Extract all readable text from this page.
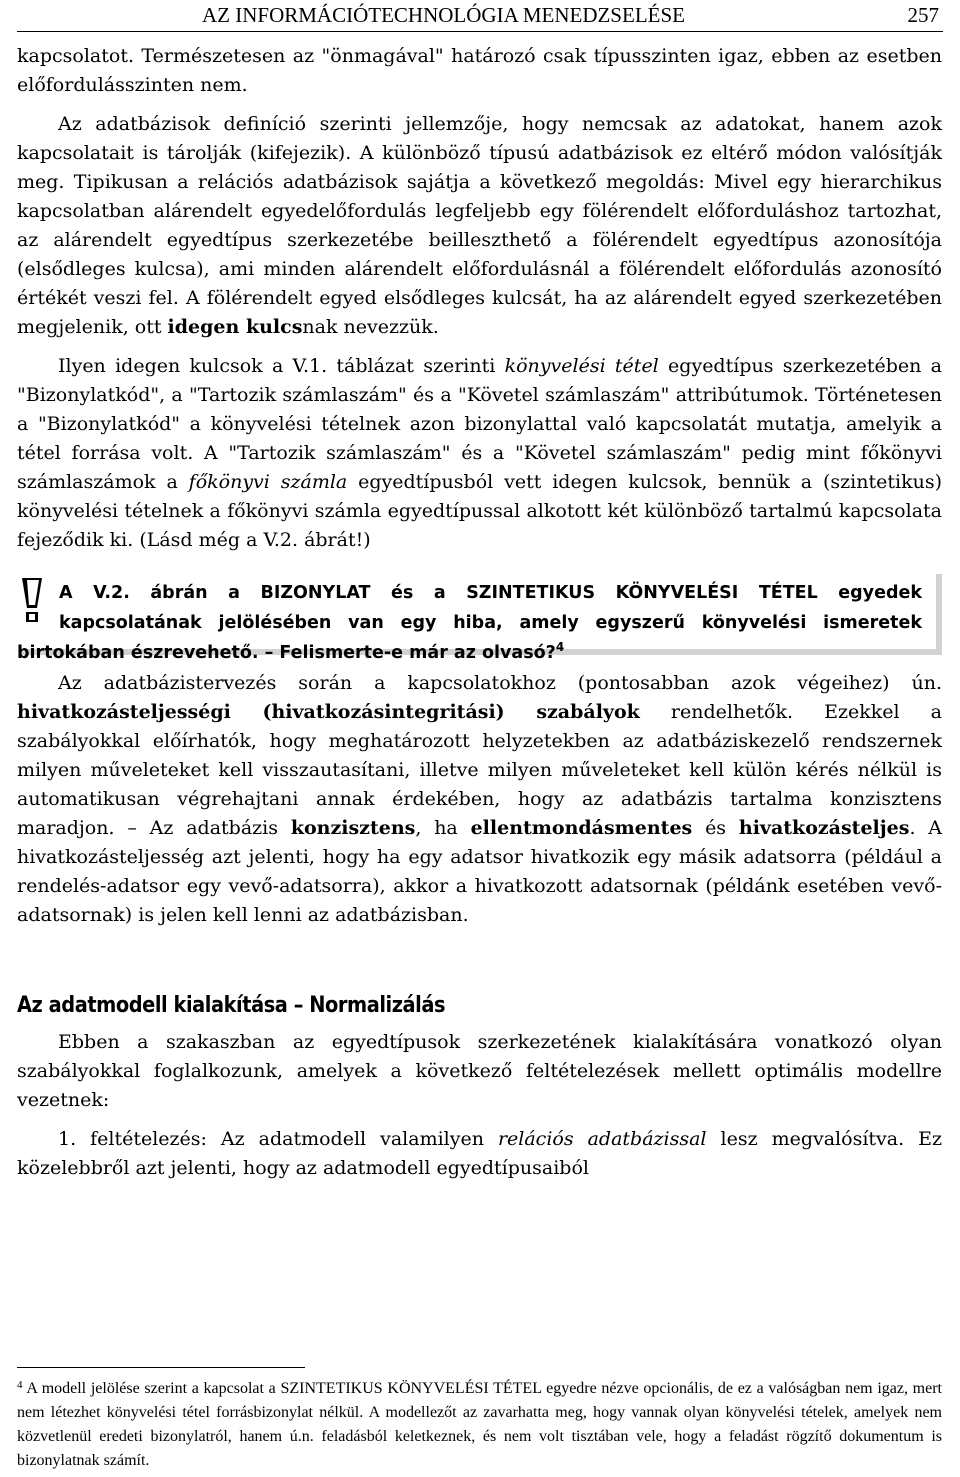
AZ INFORMÁCIÓTECHNOLÓGIA MENEDZSELÉSE	257

kapcsolatot. Természetesen az "önmagával" határozó csak típusszinten igaz, ebben az esetben előfordulásszinten nem.

Az adatbázisok definíció szerinti jellemzője, hogy nemcsak az adatokat, hanem azok kapcsolatait is tárolják (kifejezik). A különböző típusú adatbázisok ez eltérő módon valósítják meg. Tipikusan a relációs adatbázisok sajátja a következő megoldás: Mivel egy hierarchikus kapcsolatban alárendelt egyedelőfordulás legfeljebb egy fölérendelt előforduláshoz tartozhat, az alárendelt egyedtípus szerkezetébe beilleszthető a fölérendelt egyedtípus azonosítója (elsődleges kulcsa), ami minden alárendelt előfordulásnál a fölérendelt előfordulás azonosító értékét veszi fel. A fölérendelt egyed elsődleges kulcsát, ha az alárendelt egyed szerkezetében megjelenik, ott idegen kulcsnak nevezzük.

Ilyen idegen kulcsok a V.1. táblázat szerinti könyvelési tétel egyedtípus szerkezetében a "Bizonylatkód", a "Tartozik számlaszám" és a "Követel számlaszám" attribútumok. Történetesen a "Bizonylatkód" a könyvelési tételnek azon bizonylattal való kapcsolatát mutatja, amelyik a tétel forrása volt. A "Tartozik számlaszám" és a "Követel számlaszám" pedig mint főkönyvi számlaszámok a főkönyvi számla egyedtípusból vett idegen kulcsok, bennük a (szintetikus) könyvelési tételnek a főkönyvi számla egyedtípussal alkotott két különböző tartalmú kapcsolata fejeződik ki. (Lásd még a V.2. ábrát!)

A V.2. ábrán a BIZONYLAT és a SZINTETIKUS KÖNYVELÉSI TÉTEL egyedek
kapcsolatának jelölésében van egy hiba, amely egyszerű könyvelési ismeretek
birtokában észrevehető. – Felismerte-e már az olvasó?$^4$

Az adatbázistervezés során a kapcsolatokhoz (pontosabban azok végeihez) ún. hivatkozásteljességi (hivatkozásintegritási) szabályok rendelhetők. Ezekkel a szabályokkal előírhatók, hogy meghatározott helyzetekben az adatbáziskezelő rendszernek milyen műveleteket kell visszautasítani, illetve milyen műveleteket kell külön kérés nélkül is automatikusan végrehajtani annak érdekében, hogy az adatbázis tartalma konzisztens maradjon. – Az adatbázis konzisztens, ha ellentmondásmentes és hivatkozásteljes. A hivatkozásteljesség azt jelenti, hogy ha egy adatsor hivatkozik egy másik adatsorra (például a rendelés-adatsor egy vevő-adatsorra), akkor a hivatkozott adatsornak (példánk esetében vevő-adatsornak) is jelen kell lenni az adatbázisban.

Az adatmodell kialakítása – Normalizálás

Ebben a szakaszban az egyedtípusok szerkezetének kialakítására vonatkozó olyan szabályokkal foglalkozunk, amelyek a következő feltételezések mellett optimális modellre vezetnek:

1. feltételezés: Az adatmodell valamilyen relációs adatbázissal lesz megvalósítva. Ez közelebbről azt jelenti, hogy az adatmodell egyedtípusaiból

$^4$ A modell jelölése szerint a kapcsolat a SZINTETIKUS KÖNYVELÉSI TÉTEL egyedre nézve opcionális, de ez a valóságban nem igaz, mert nem létezhet könyvelési tétel forrásbizonylat nélkül. A modellezőt az zavarhatta meg, hogy vannak olyan könyvelési tételek, amelyek nem közvetlenül eredeti bizonylatról, hanem ú.n. feladásból keletkeznek, és nem volt tisztában vele, hogy a feladást rögzítő dokumentum is bizonylatnak számít.
